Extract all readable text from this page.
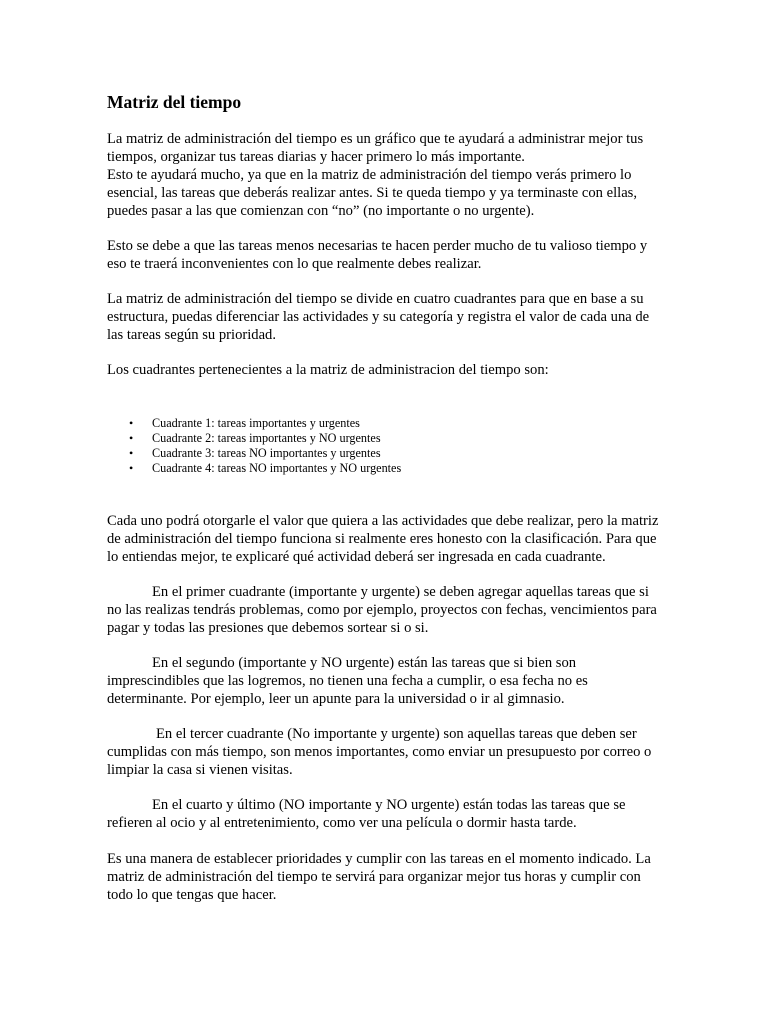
Matriz del tiempo

La matriz de administración del tiempo es un gráfico que te ayudará a administrar mejor tus tiempos, organizar tus tareas diarias y hacer primero lo más importante.

Esto te ayudará mucho, ya que en la matriz de administración del tiempo verás primero lo esencial, las tareas que deberás realizar antes. Si te queda tiempo y ya terminaste con ellas, puedes pasar a las que comienzan con “no” (no importante o no urgente).

Esto se debe a que las tareas menos necesarias te hacen perder mucho de tu valioso tiempo y eso te traerá inconvenientes con lo que realmente debes realizar.

La matriz de administración del tiempo se divide en cuatro cuadrantes para que en base a su estructura, puedas diferenciar las actividades y su categoría y registra el valor de cada una de las tareas según su prioridad.

Los cuadrantes pertenecientes a la matriz de administracion del tiempo son:

• Cuadrante 1: tareas importantes y urgentes
• Cuadrante 2: tareas importantes y NO urgentes
• Cuadrante 3: tareas NO importantes y urgentes
• Cuadrante 4: tareas NO importantes y NO urgentes

Cada uno podrá otorgarle el valor que quiera a las actividades que debe realizar, pero la matriz de administración del tiempo funciona si realmente eres honesto con la clasificación. Para que lo entiendas mejor, te explicaré qué actividad deberá ser ingresada en cada cuadrante.

En el primer cuadrante (importante y urgente) se deben agregar aquellas tareas que si no las realizas tendrás problemas, como por ejemplo, proyectos con fechas, vencimientos para pagar y todas las presiones que debemos sortear si o si.

En el segundo (importante y NO urgente) están las tareas que si bien son imprescindibles que las logremos, no tienen una fecha a cumplir, o esa fecha no es determinante. Por ejemplo, leer un apunte para la universidad o ir al gimnasio.

En el tercer cuadrante (No importante y urgente) son aquellas tareas que deben ser cumplidas con más tiempo, son menos importantes, como enviar un presupuesto por correo o limpiar la casa si vienen visitas.

En el cuarto y último (NO importante y NO urgente) están todas las tareas que se refieren al ocio y al entretenimiento, como ver una película o dormir hasta tarde.

Es una manera de establecer prioridades y cumplir con las tareas en el momento indicado. La matriz de administración del tiempo te servirá para organizar mejor tus horas y cumplir con todo lo que tengas que hacer.
